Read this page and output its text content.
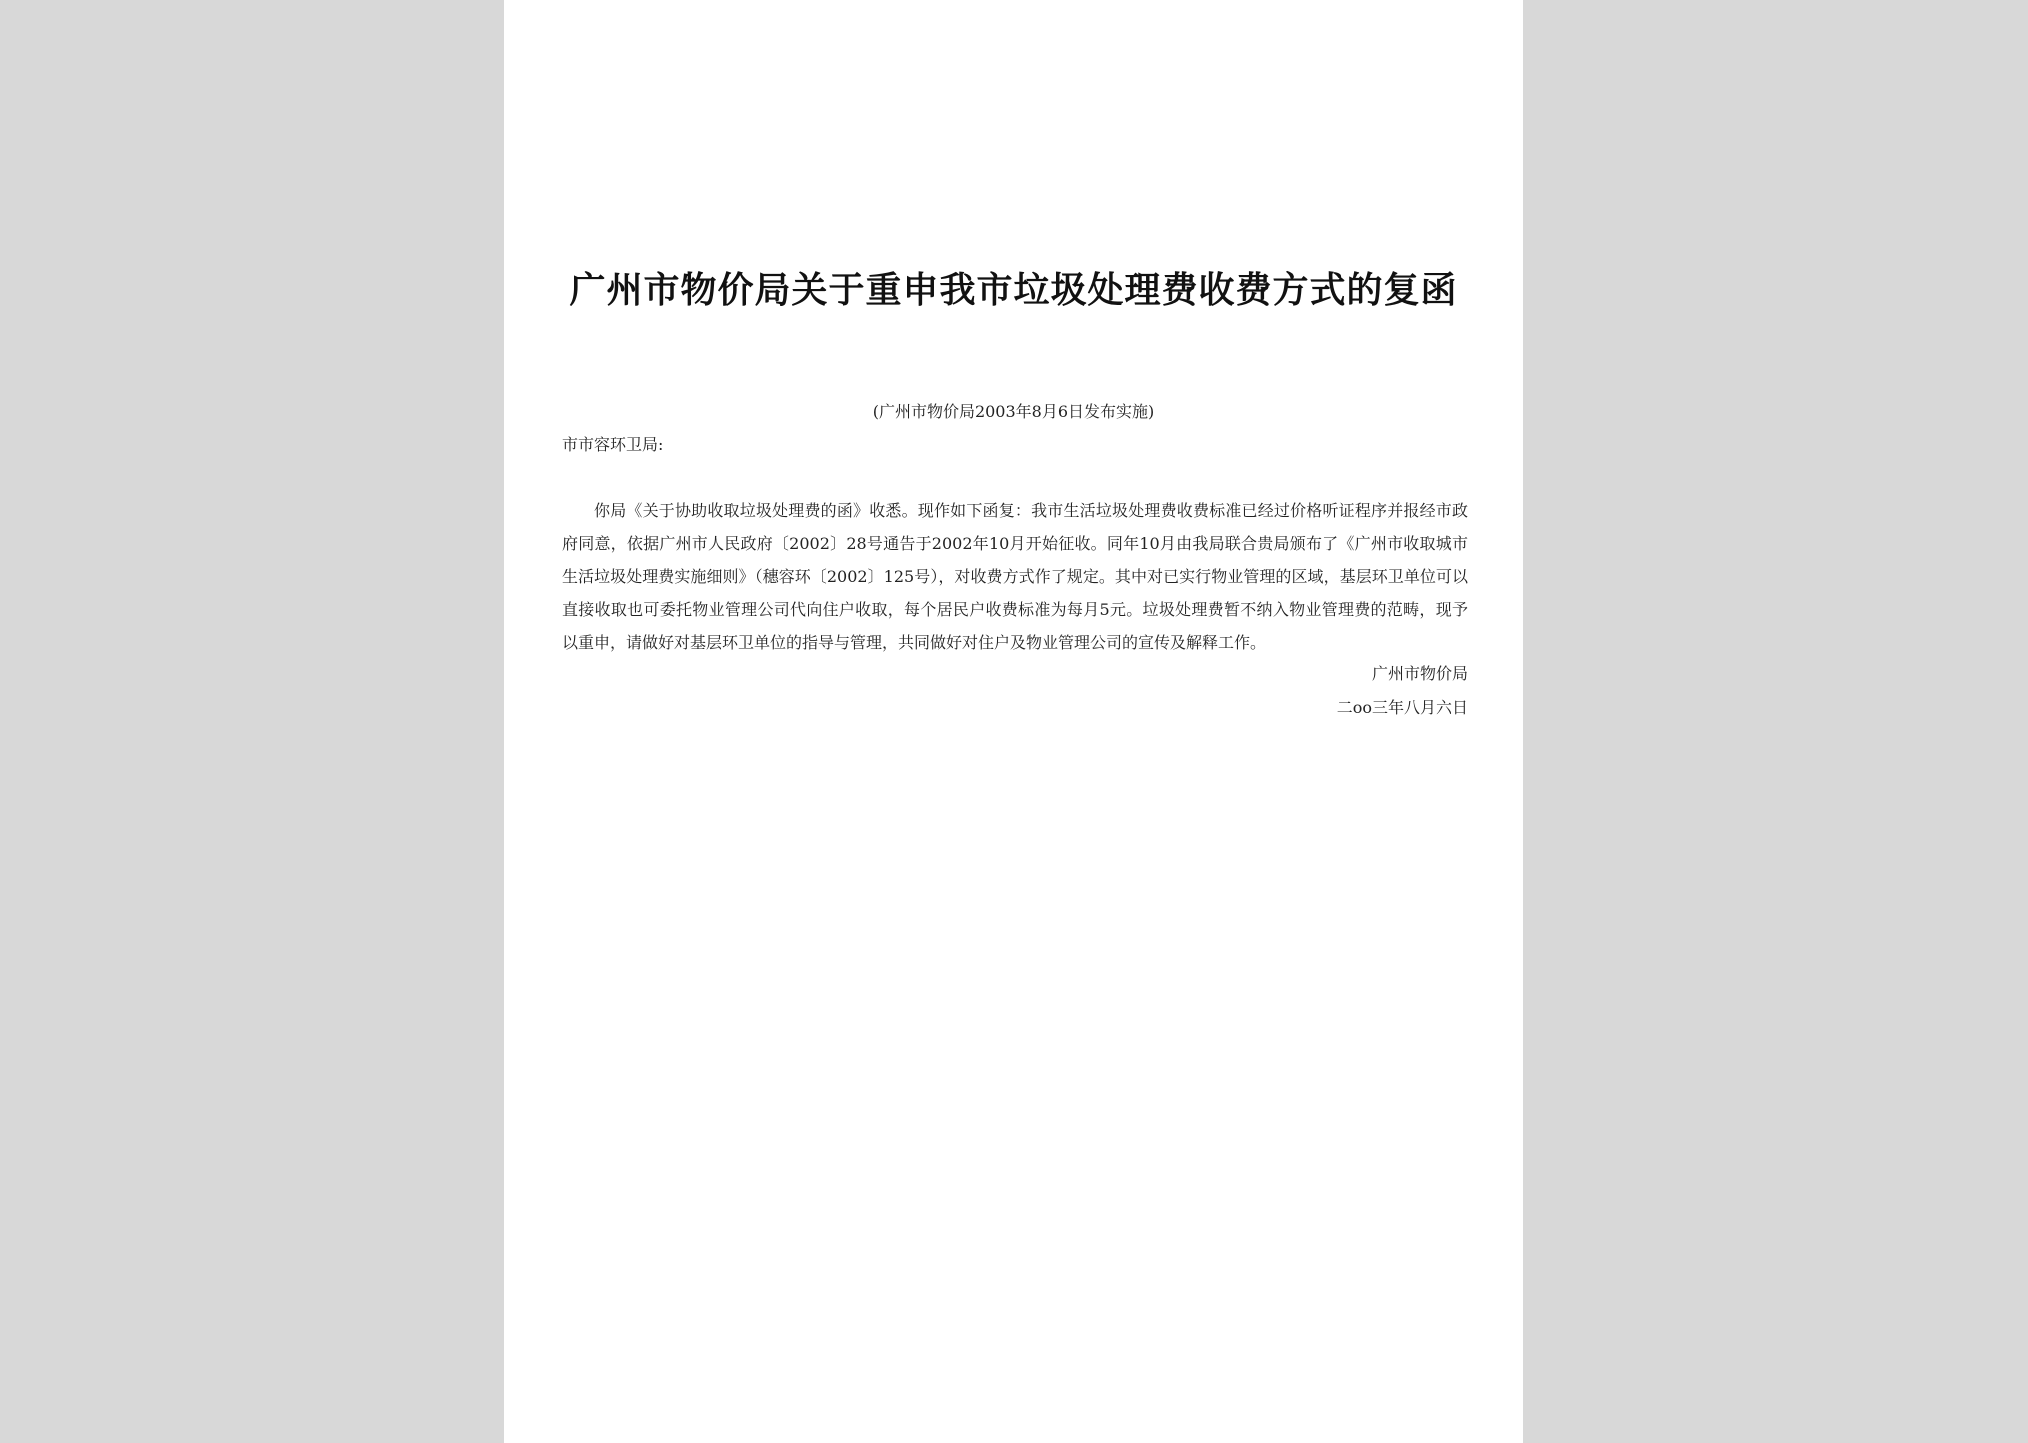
广州市物价局关于重申我市垃圾处理费收费方式的复函

(广州市物价局2003年8月6日发布实施)

市市容环卫局:

你局《关于协助收取垃圾处理费的函》收悉。现作如下函复：我市生活垃圾处理费收费标准已经过价格听证程序并报经市政府同意，依据广州市人民政府〔2002〕28号通告于2002年10月开始征收。同年10月由我局联合贵局颁布了《广州市收取城市生活垃圾处理费实施细则》（穗容环〔2002〕125号），对收费方式作了规定。其中对已实行物业管理的区域，基层环卫单位可以直接收取也可委托物业管理公司代向住户收取，每个居民户收费标准为每月5元。垃圾处理费暂不纳入物业管理费的范畴，现予以重申，请做好对基层环卫单位的指导与管理，共同做好对住户及物业管理公司的宣传及解释工作。

广州市物价局

二oo三年八月六日
